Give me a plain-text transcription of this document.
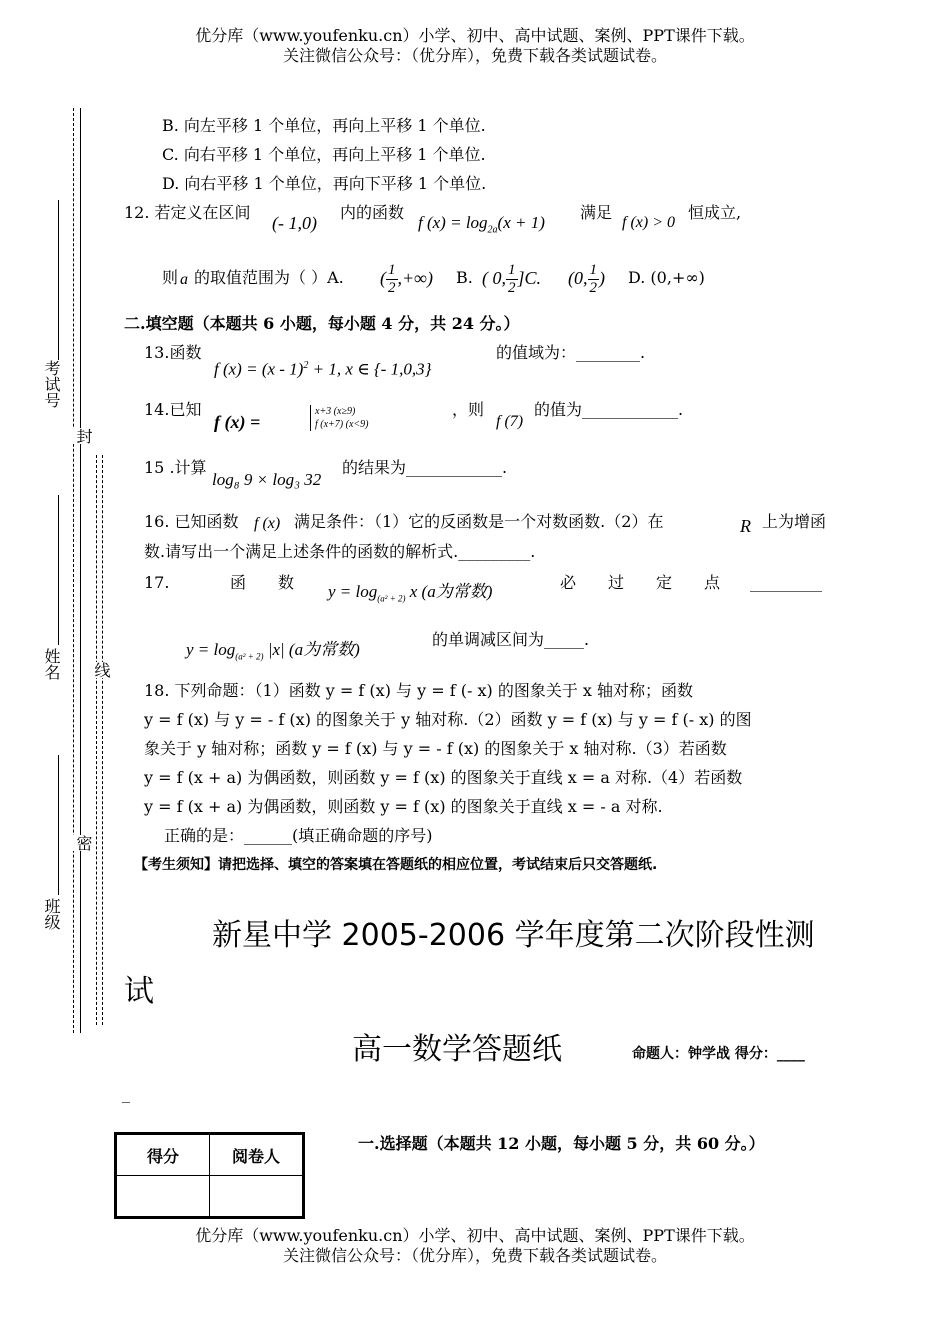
优分库（www.youfenku.cn）小学、初中、高中试题、案例、PPT课件下载。
关注微信公众号：（优分库），免费下载各类试题试卷。
考试号
封
姓名 线
班级
密
B. 向左平移 1 个单位，再向上平移 1 个单位.
C. 向右平移 1 个单位，再向上平移 1 个单位.
D. 向右平移 1 个单位，再向下平移 1 个单位.
12. 若定义在区间
(- 1,0)
内的函数
f $(x) = \log_{2a}(x + 1)$
满足
f (x) > 0
恒成立,
则 a 的取值范围为（ ）A. ( $\frac{1}{2}$ ,+∞) B. ( 0, $\frac{1}{2} ]C$. (0, $\frac{1}{2}$ ) D. (0,+∞)
二.填空题（本题共 6 小题，每小题 4 分，共 24 分。）
13.函数
f (x) = (x - 1)$^2$ + 1, x ∈ {- 1,0,3}
的值域为：________.
14.已知
f (x) =
x+3 (x≥9)
f (x+7) (x<9)
，则
f (7)
的值为____________.
15 .计算
log₈ 9 × log₃ 32
的结果为____________.
16. 已知函数 f (x) 满足条件：（1）它的反函数是一个对数函数.（2）在	R 上为增函
数.请写出一个满足上述条件的函数的解析式._________.
17.	函 数 $y = \log_{(a^2 + 2)} x$ (a为常数)	必 过 定 点 _________
$y = \log_{(a^2 + 2)} |x|$ (a为常数)
的单调减区间为_____.
18. 下列命题：（1）函数 y = f (x) 与 y = f (- x) 的图象关于 x 轴对称；函数
y = f (x) 与 y = - f (x) 的图象关于 y 轴对称.（2）函数 y = f (x) 与 y = f (- x) 的图
象关于 y 轴对称；函数 y = f (x) 与 y = - f (x) 的图象关于 x 轴对称.（3）若函数
y = f (x + a) 为偶函数，则函数 y = f (x) 的图象关于直线 x = a 对称.（4）若函数
y = f (x + a) 为偶函数，则函数 y = f (x) 的图象关于直线 x = - a 对称.
正确的是：______(填正确命题的序号)
【考生须知】请把选择、填空的答案填在答题纸的相应位置，考试结束后只交答题纸.
新星中学 2005-2006 学年度第二次阶段性测
试
高一数学答题纸	命题人：钟学战 得分：____
_
得分	阅卷人

一.选择题（本题共 12 小题，每小题 5 分，共 60 分。）
优分库（www.youfenku.cn）小学、初中、高中试题、案例、PPT课件下载。
关注微信公众号：（优分库），免费下载各类试题试卷。
